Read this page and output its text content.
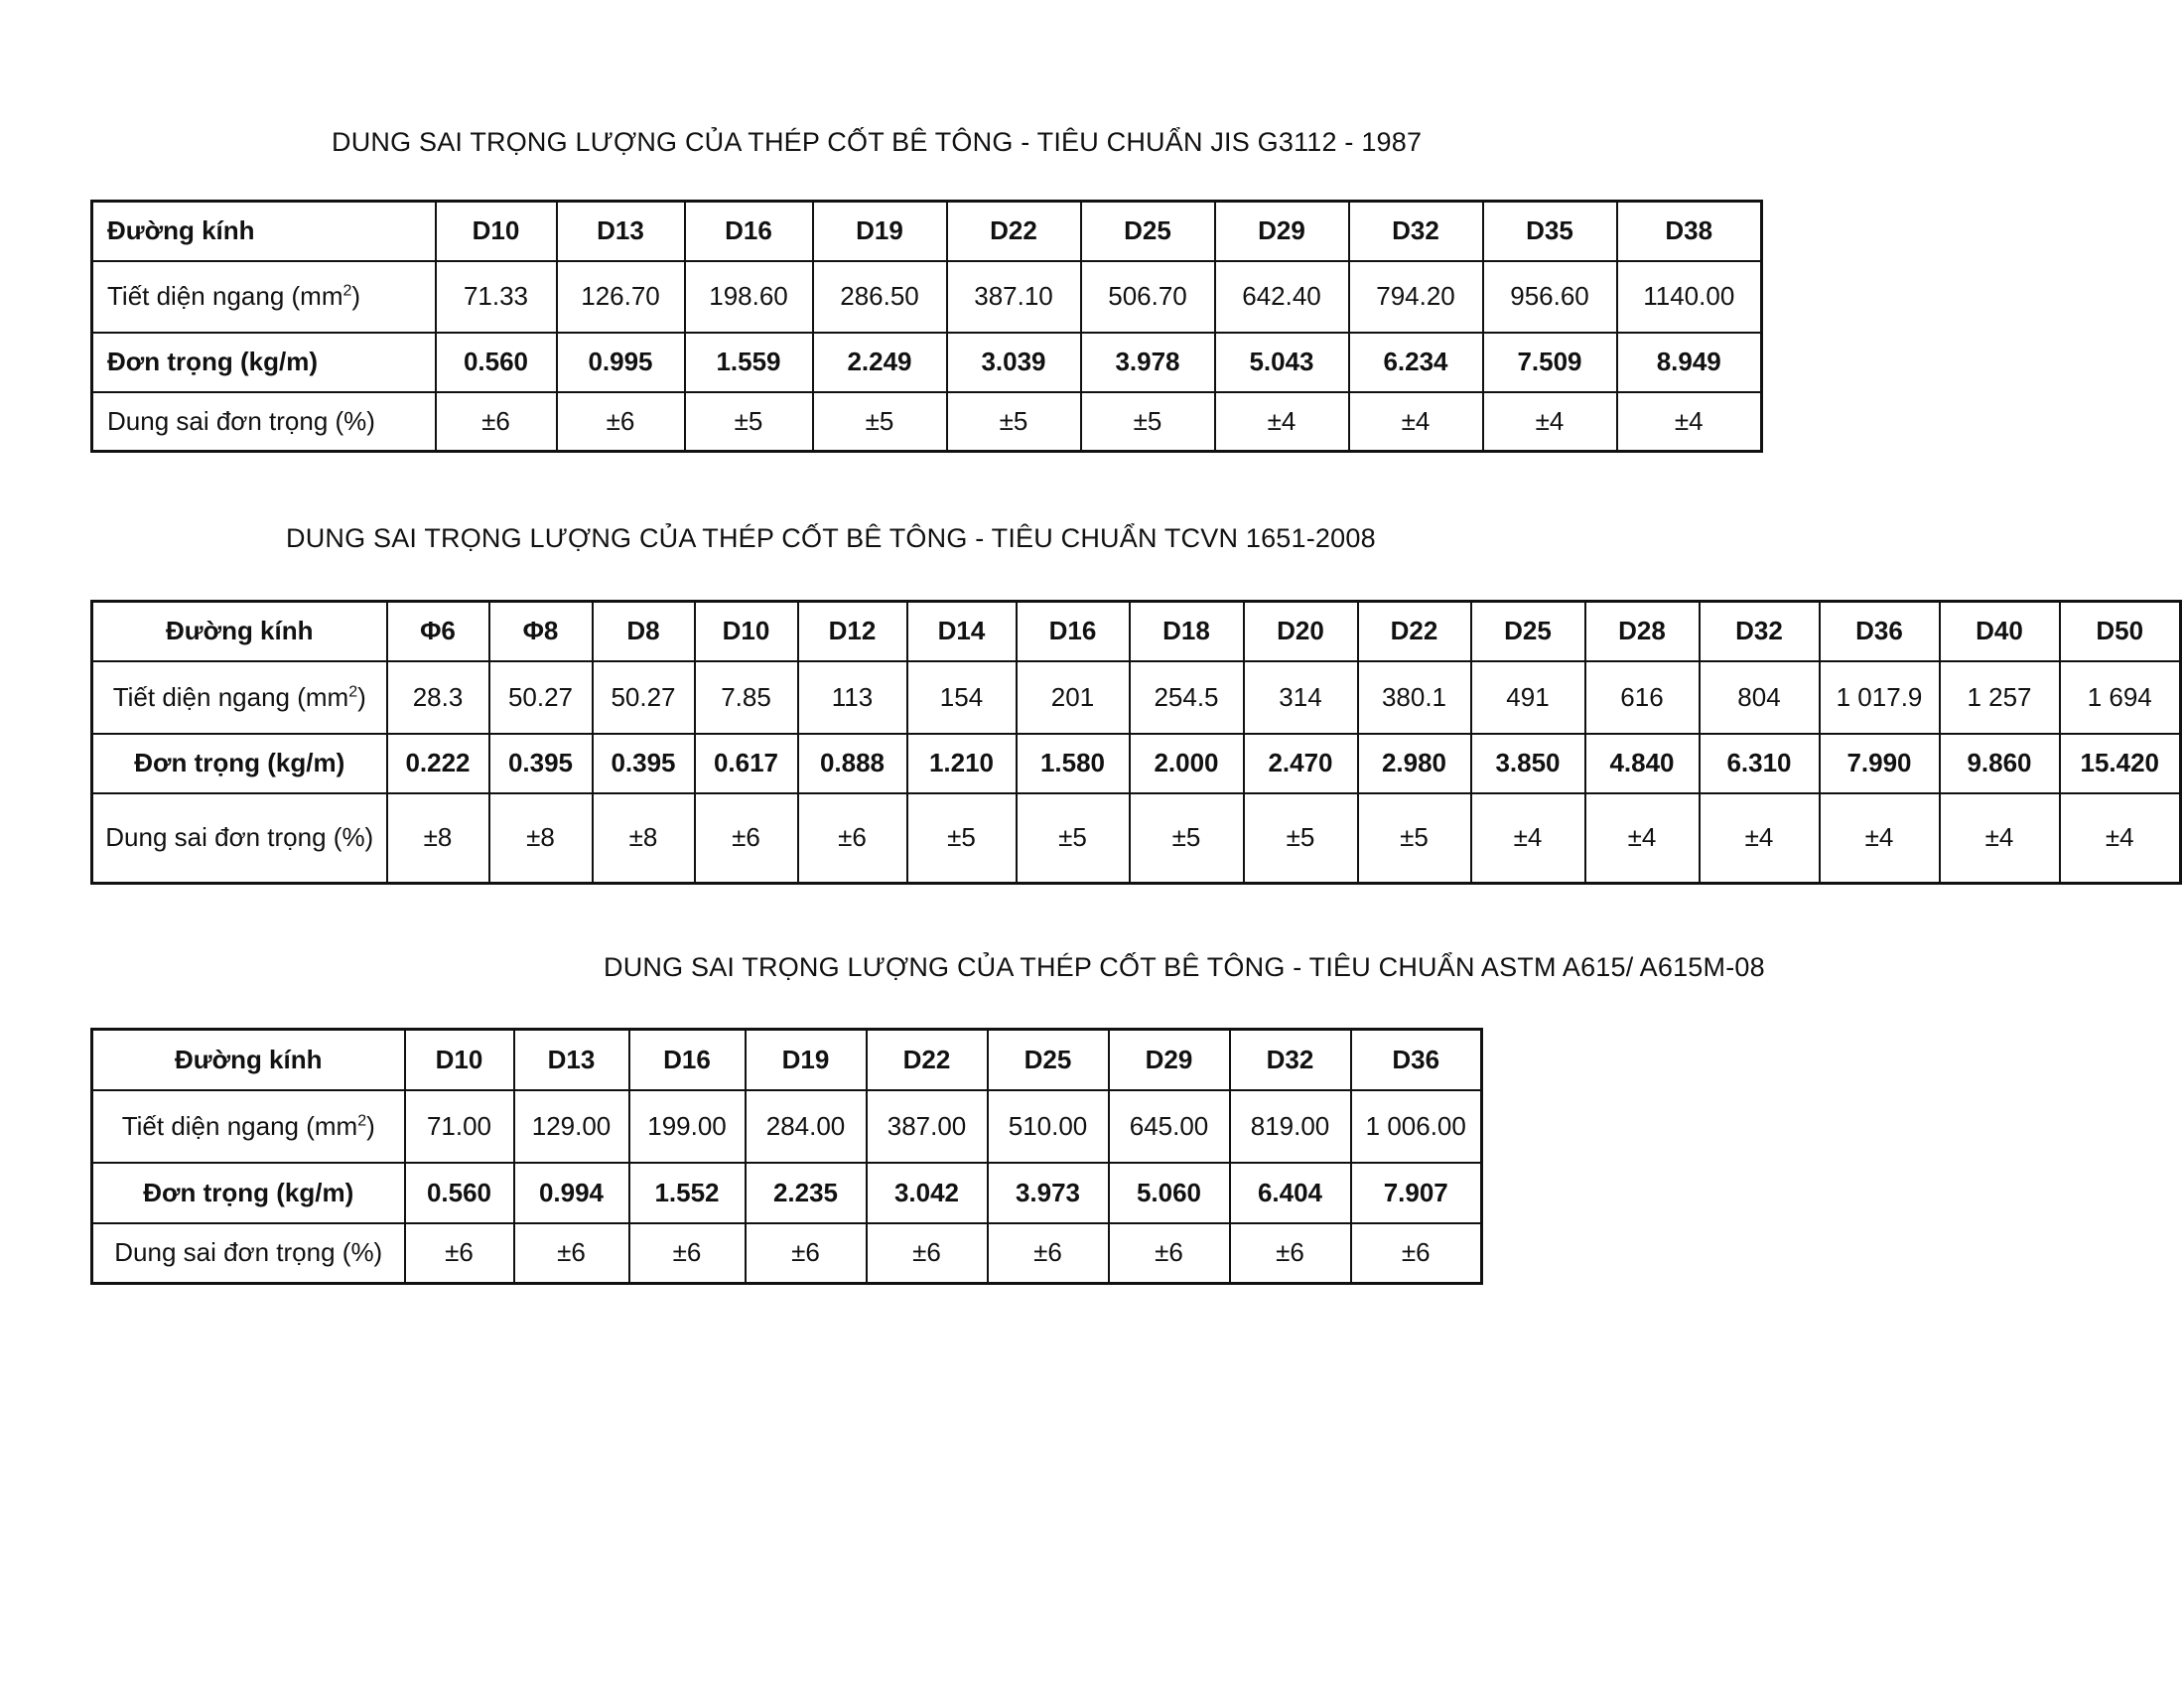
DUNG SAI TRỌNG LƯỢNG CỦA THÉP CỐT BÊ TÔNG - TIÊU CHUẨN JIS G3112 - 1987
Đường kính	D10	D13	D16	D19	D22	D25	D29	D32	D35	D38
Tiết diện ngang $(mm^2)$	71.33	126.70	198.60	286.50	387.10	506.70	642.40	794.20	956.60	1140.00
Đơn trọng (kg/m)	0.560	0.995	1.559	2.249	3.039	3.978	5.043	6.234	7.509	8.949
Dung sai đơn trọng (%)	±6	±6	±5	±5	±5	±5	±4	±4	±4	±4
DUNG SAI TRỌNG LƯỢNG CỦA THÉP CỐT BÊ TÔNG - TIÊU CHUẨN TCVN 1651-2008
Đường kính	Φ6	Φ8	D8	D10	D12	D14	D16	D18	D20	D22	D25	D28	D32	D36	D40	D50
Tiết diện ngang $(mm^2)$	28.3	50.27	50.27	7.85	113	154	201	254.5	314	380.1	491	616	804	1 017.9	1 257	1 694
Đơn trọng (kg/m)	0.222	0.395	0.395	0.617	0.888	1.210	1.580	2.000	2.470	2.980	3.850	4.840	6.310	7.990	9.860	15.420
Dung sai đơn trọng (%)	±8	±8	±8	±6	±6	±5	±5	±5	±5	±5	±4	±4	±4	±4	±4	±4
DUNG SAI TRỌNG LƯỢNG CỦA THÉP CỐT BÊ TÔNG - TIÊU CHUẨN ASTM A615/ A615M-08
Đường kính	D10	D13	D16	D19	D22	D25	D29	D32	D36
Tiết diện ngang $(mm^2)$	71.00	129.00	199.00	284.00	387.00	510.00	645.00	819.00	1 006.00
Đơn trọng (kg/m)	0.560	0.994	1.552	2.235	3.042	3.973	5.060	6.404	7.907
Dung sai đơn trọng (%)	±6	±6	±6	±6	±6	±6	±6	±6	±6
